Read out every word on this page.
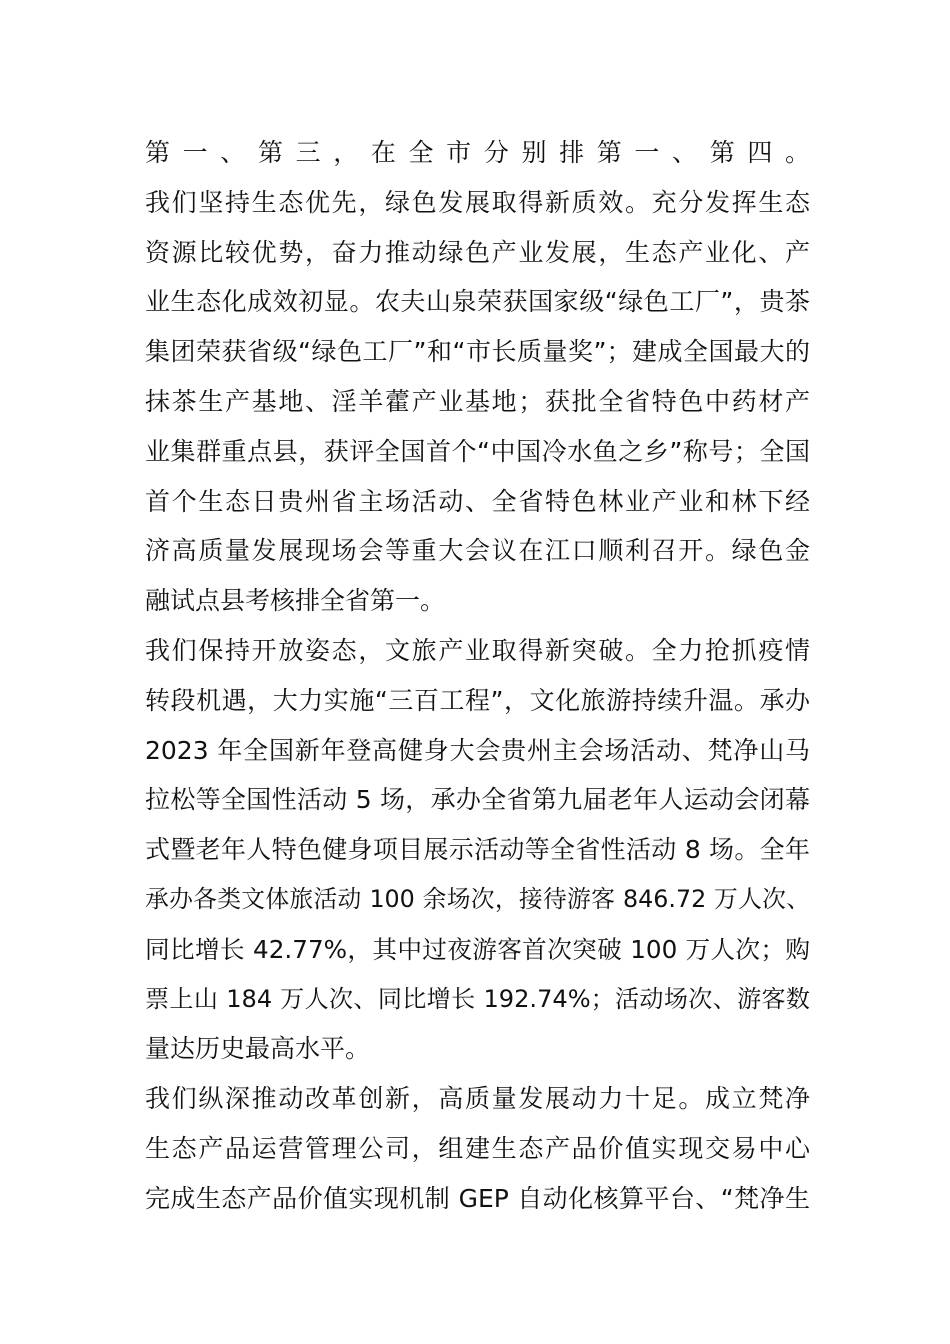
第一、第三，在全市分别排第一、第四。
我们坚持生态优先，绿色发展取得新质效。充分发挥生态
资源比较优势，奋力推动绿色产业发展，生态产业化、产
业生态化成效初显。农夫山泉荣获国家级“绿色工厂”，贵茶
集团荣获省级“绿色工厂”和“市长质量奖”；建成全国最大的
抹茶生产基地、淫羊藿产业基地；获批全省特色中药材产
业集群重点县，获评全国首个“中国冷水鱼之乡”称号；全国
首个生态日贵州省主场活动、全省特色林业产业和林下经
济高质量发展现场会等重大会议在江口顺利召开。绿色金
融试点县考核排全省第一。
我们保持开放姿态，文旅产业取得新突破。全力抢抓疫情
转段机遇，大力实施“三百工程”，文化旅游持续升温。承办
2023 年全国新年登高健身大会贵州主会场活动、梵净山马
拉松等全国性活动 5 场，承办全省第九届老年人运动会闭幕
式暨老年人特色健身项目展示活动等全省性活动 8 场。全年
承办各类文体旅活动 100 余场次，接待游客 846.72 万人次、
同比增长 42.77%，其中过夜游客首次突破 100 万人次；购
票上山 184 万人次、同比增长 192.74%；活动场次、游客数
量达历史最高水平。
我们纵深推动改革创新，高质量发展动力十足。成立梵净
生态产品运营管理公司，组建生态产品价值实现交易中心
完成生态产品价值实现机制 GEP 自动化核算平台、“梵净生
